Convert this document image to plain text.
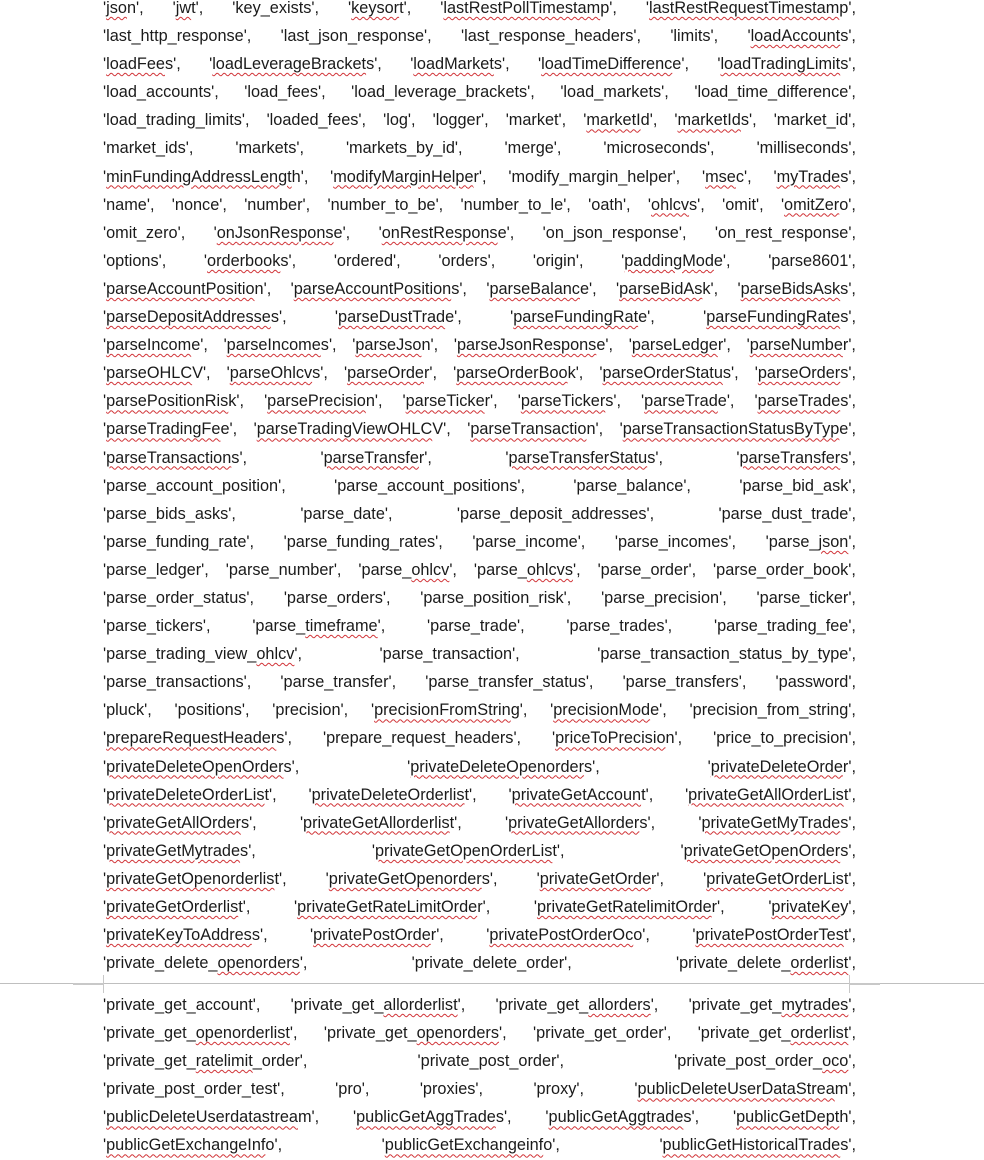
'json', 'jwt', 'key_exists', 'keysort', 'lastRestPollTimestamp', 'lastRestRequestTimestamp',
'last_http_response', 'last_json_response', 'last_response_headers', 'limits', 'loadAccounts',
'loadFees', 'loadLeverageBrackets', 'loadMarkets', 'loadTimeDifference', 'loadTradingLimits',
'load_accounts', 'load_fees', 'load_leverage_brackets', 'load_markets', 'load_time_difference',
'load_trading_limits', 'loaded_fees', 'log', 'logger', 'market', 'marketId', 'marketIds', 'market_id',
'market_ids',	'markets',	'markets_by_id',	'merge',	'microseconds',	'milliseconds',
'minFundingAddressLength', 'modifyMarginHelper', 'modify_margin_helper', 'msec', 'myTrades',
'name', 'nonce', 'number', 'number_to_be', 'number_to_le', 'oath', 'ohlcvs', 'omit', 'omitZero',
'omit_zero', 'onJsonResponse', 'onRestResponse', 'on_json_response', 'on_rest_response',
'options', 'orderbooks', 'ordered', 'orders', 'origin', 'paddingMode', 'parse8601',
'parseAccountPosition', 'parseAccountPositions', 'parseBalance', 'parseBidAsk', 'parseBidsAsks',
'parseDepositAddresses',	'parseDustTrade',	'parseFundingRate',	'parseFundingRates',
'parseIncome', 'parseIncomes', 'parseJson', 'parseJsonResponse', 'parseLedger', 'parseNumber',
'parseOHLCV', 'parseOhlcvs', 'parseOrder', 'parseOrderBook', 'parseOrderStatus', 'parseOrders',
'parsePositionRisk', 'parsePrecision', 'parseTicker', 'parseTickers', 'parseTrade', 'parseTrades',
'parseTradingFee', 'parseTradingViewOHLCV', 'parseTransaction', 'parseTransactionStatusByType',
'parseTransactions',	'parseTransfer',	'parseTransferStatus',	'parseTransfers',
'parse_account_position',	'parse_account_positions',	'parse_balance',	'parse_bid_ask',
'parse_bids_asks',	'parse_date',	'parse_deposit_addresses',	'parse_dust_trade',
'parse_funding_rate', 'parse_funding_rates', 'parse_income', 'parse_incomes', 'parse_json',
'parse_ledger', 'parse_number', 'parse_ohlcv', 'parse_ohlcvs', 'parse_order', 'parse_order_book',
'parse_order_status', 'parse_orders', 'parse_position_risk', 'parse_precision', 'parse_ticker',
'parse_tickers',	'parse_timeframe',	'parse_trade',	'parse_trades',	'parse_trading_fee',
'parse_trading_view_ohlcv',	'parse_transaction',	'parse_transaction_status_by_type',
'parse_transactions', 'parse_transfer', 'parse_transfer_status', 'parse_transfers', 'password',
'pluck', 'positions', 'precision', 'precisionFromString', 'precisionMode', 'precision_from_string',
'prepareRequestHeaders', 'prepare_request_headers', 'priceToPrecision', 'price_to_precision',
'privateDeleteOpenOrders',	'privateDeleteOpenorders',	'privateDeleteOrder',
'privateDeleteOrderList', 'privateDeleteOrderlist', 'privateGetAccount', 'privateGetAllOrderList',
'privateGetAllOrders',	'privateGetAllorderlist',	'privateGetAllorders',	'privateGetMyTrades',
'privateGetMytrades',	'privateGetOpenOrderList',	'privateGetOpenOrders',
'privateGetOpenorderlist', 'privateGetOpenorders', 'privateGetOrder', 'privateGetOrderList',
'privateGetOrderlist',	'privateGetRateLimitOrder',	'privateGetRatelimitOrder',	'privateKey',
'privateKeyToAddress',	'privatePostOrder',	'privatePostOrderOco',	'privatePostOrderTest',
'private_delete_openorders',	'private_delete_order',	'private_delete_orderlist',
'private_get_account', 'private_get_allorderlist', 'private_get_allorders', 'private_get_mytrades',
'private_get_openorderlist', 'private_get_openorders', 'private_get_order', 'private_get_orderlist',
'private_get_ratelimit_order',	'private_post_order',	'private_post_order_oco',
'private_post_order_test',	'pro',	'proxies',	'proxy',	'publicDeleteUserDataStream',
'publicDeleteUserdatastream', 'publicGetAggTrades', 'publicGetAggtrades', 'publicGetDepth',
'publicGetExchangeInfo',	'publicGetExchangeinfo',	'publicGetHistoricalTrades',
